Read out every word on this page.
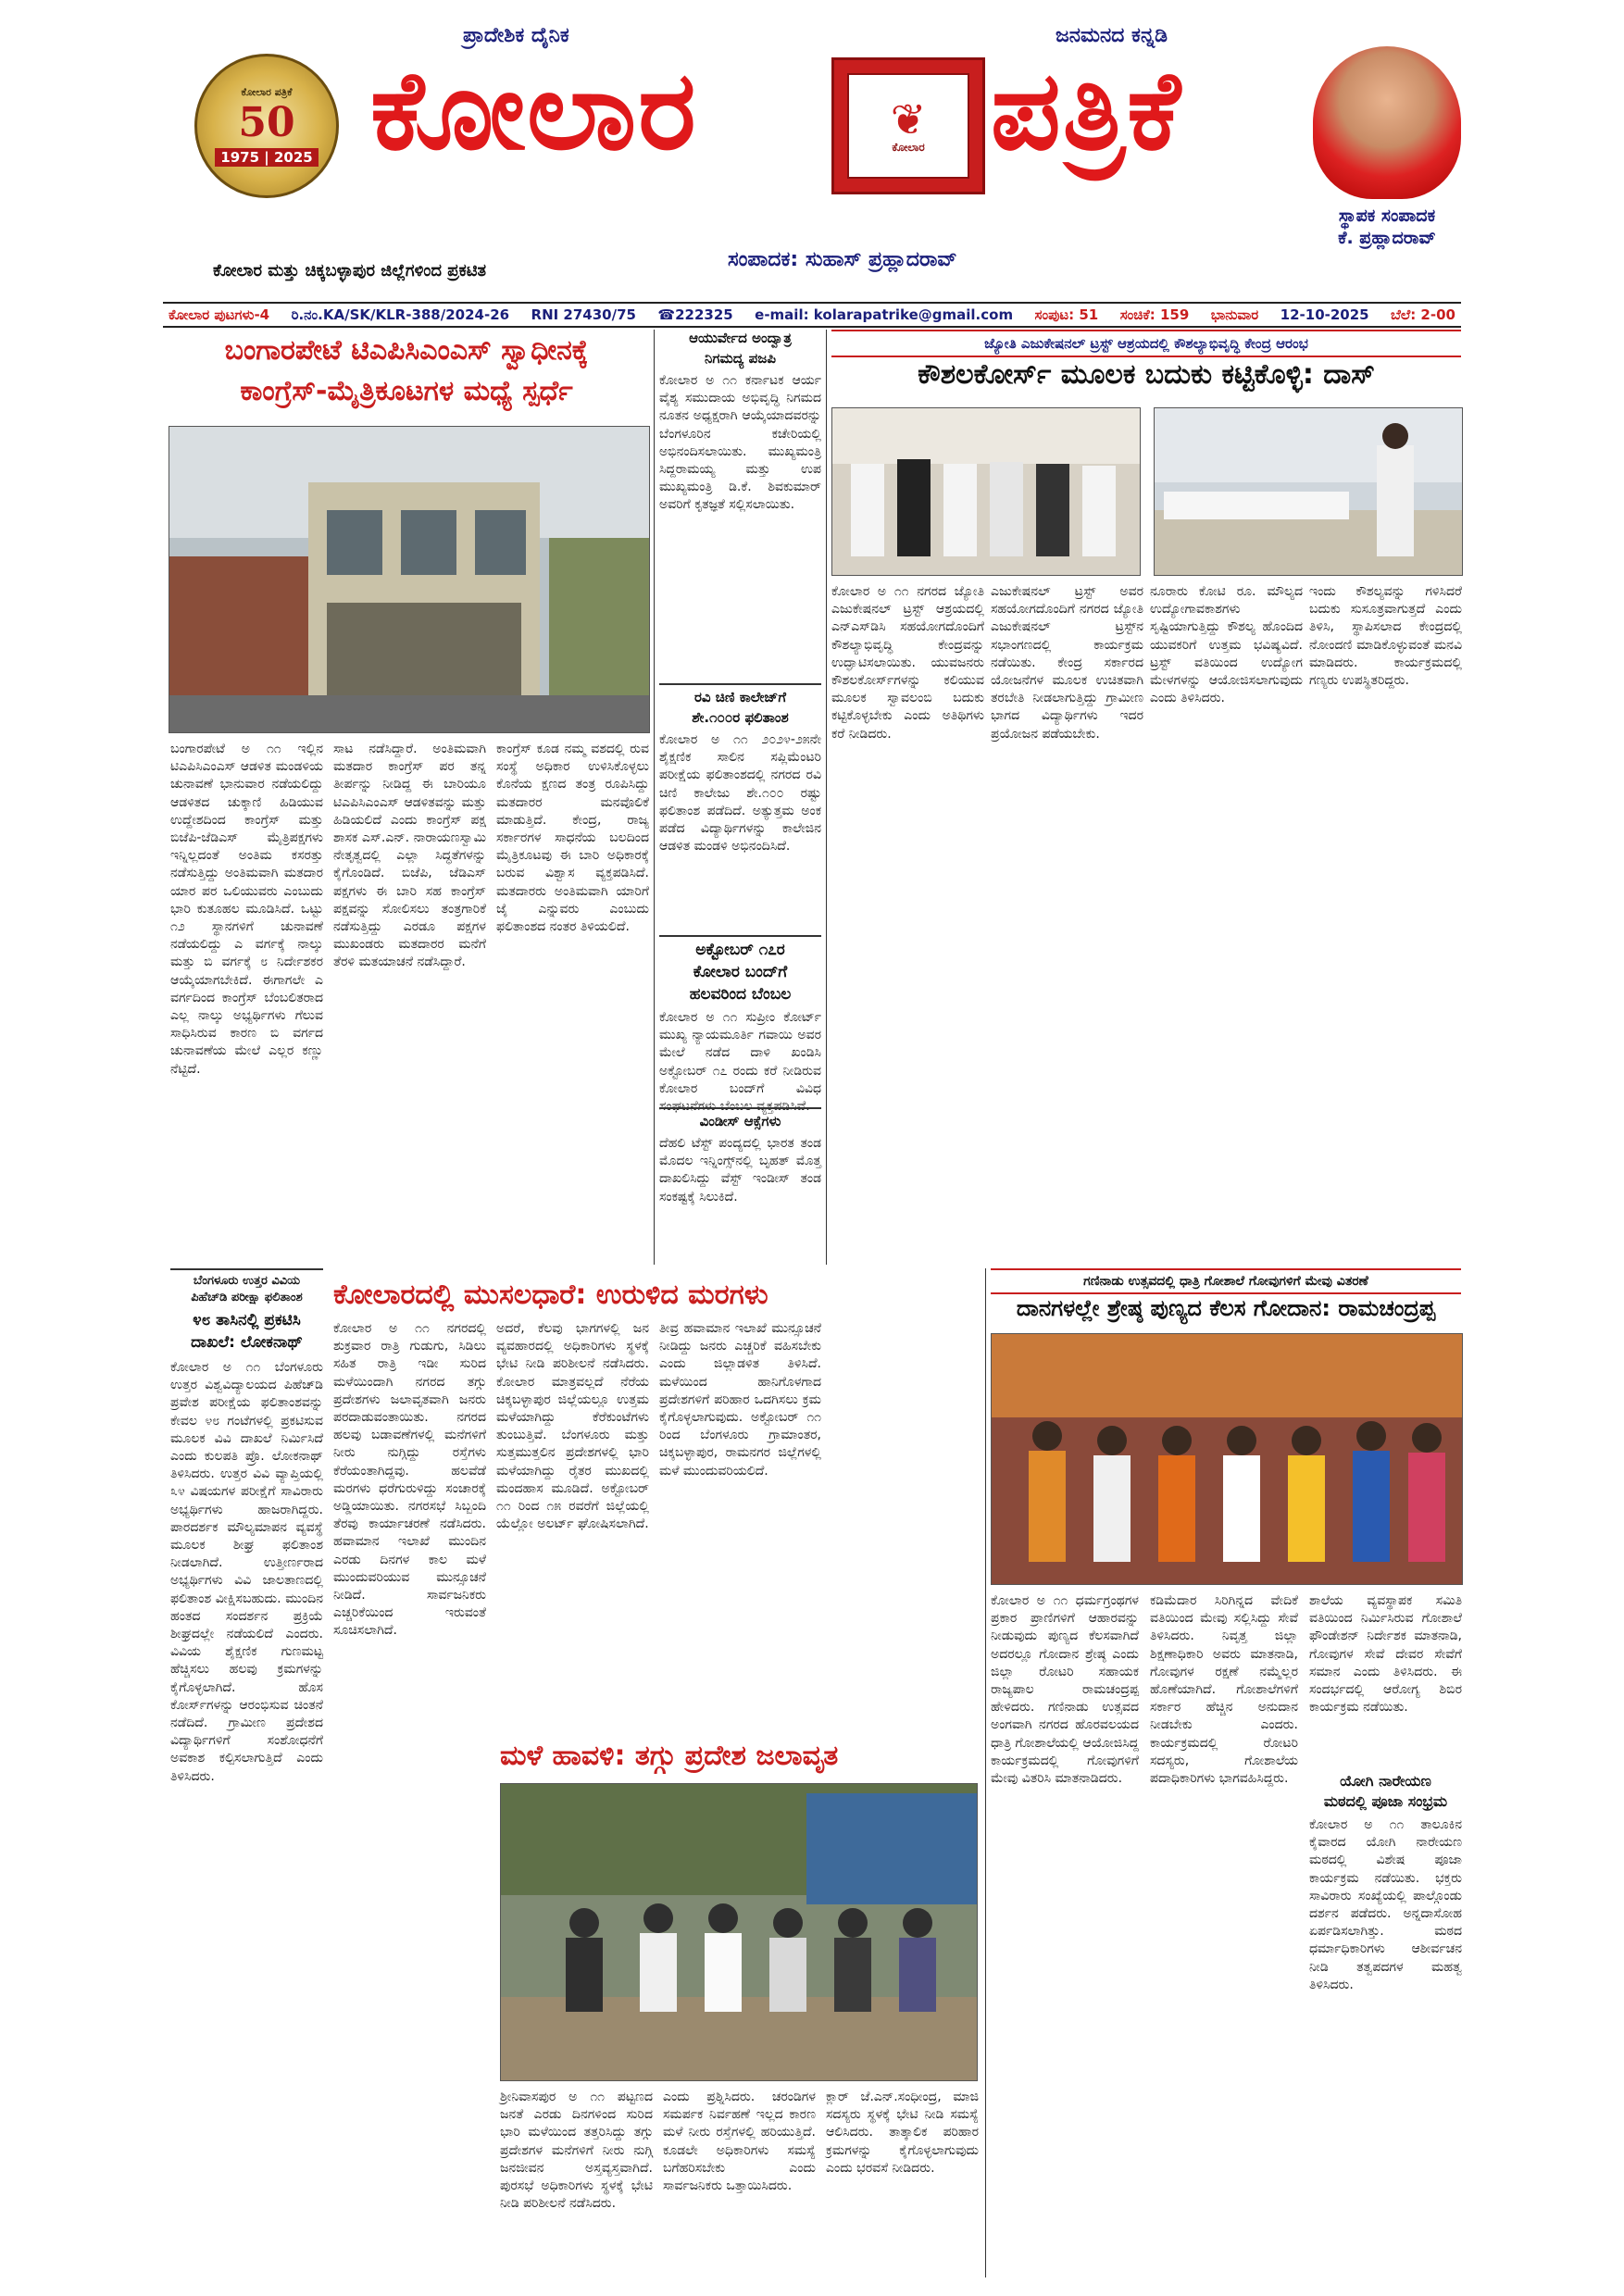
ಕೋಲಾರ ಪತ್ರಿಕೆ
50
1975 | 2025
ಪ್ರಾದೇಶಿಕ ದೈನಿಕ	ಜನಮನದ ಕನ್ನಡಿ
ಕೋಲಾರ	❦
ಕೋಲಾರ ಪತ್ರಿಕೆ
ಸ್ಥಾಪಕ ಸಂಪಾದಕ
ಕೆ. ಪ್ರಹ್ಲಾದರಾವ್
ಕೋಲಾರ ಮತ್ತು ಚಿಕ್ಕಬಳ್ಳಾಪುರ ಜಿಲ್ಲೆಗಳಿಂದ ಪ್ರಕಟಿತ	ಸಂಪಾದಕ: ಸುಹಾಸ್ ಪ್ರಹ್ಲಾದರಾವ್
ಕೋಲಾರ ಪುಟಗಳು-4 ರಿ.ನಂ.KA/SK/KLR-388/2024-26 RNI 27430/75 ☎222325 e-mail: kolarapatrike@gmail.com ಸಂಪುಟ: 51 ಸಂಚಿಕೆ: 159 ಭಾನುವಾರ 12-10-2025 ಬೆಲೆ: 2-00
ಬಂಗಾರಪೇಟೆ ಟಿಎಪಿಸಿಎಂಎಸ್ ಸ್ವಾಧೀನಕ್ಕೆ
ಕಾಂಗ್ರೆಸ್-ಮೈತ್ರಿಕೂಟಗಳ ಮಧ್ಯೆ ಸ್ಪರ್ಧೆ
ಬಂಗಾರಪೇಟೆ ಅ ೧೧ ಇಲ್ಲಿನ ಟಿಎಪಿಸಿಎಂಎಸ್ ಆಡಳಿತ ಮಂಡಳಿಯ ಚುನಾವಣೆ ಭಾನುವಾರ ನಡೆಯಲಿದ್ದು ಆಡಳಿತದ ಚುಕ್ಕಾಣಿ ಹಿಡಿಯುವ ಉದ್ದೇಶದಿಂದ ಕಾಂಗ್ರೆಸ್ ಮತ್ತು ಬಿಜೆಪಿ-ಜೆಡಿಎಸ್ ಮೈತ್ರಿಪಕ್ಷಗಳು ಇನ್ನಿಲ್ಲದಂತೆ ಅಂತಿಮ ಕಸರತ್ತು ನಡೆಸುತ್ತಿದ್ದು ಅಂತಿಮವಾಗಿ ಮತದಾರ ಯಾರ ಪರ ಒಲಿಯುವರು ಎಂಬುದು ಭಾರಿ ಕುತೂಹಲ ಮೂಡಿಸಿದೆ. ಒಟ್ಟು ೧೨ ಸ್ಥಾನಗಳಿಗೆ ಚುನಾವಣೆ ನಡೆಯಲಿದ್ದು ಎ ವರ್ಗಕ್ಕೆ ನಾಲ್ಕು ಮತ್ತು ಬಿ ವರ್ಗಕ್ಕೆ ೮ ನಿರ್ದೇಶಕರ ಆಯ್ಕೆಯಾಗಬೇಕಿದೆ. ಈಗಾಗಲೇ ಎ ವರ್ಗದಿಂದ ಕಾಂಗ್ರೆಸ್ ಬೆಂಬಲಿತರಾದ ಎಲ್ಲ ನಾಲ್ಕು ಅಭ್ಯರ್ಥಿಗಳು ಗೆಲುವ ಸಾಧಿಸಿರುವ ಕಾರಣ ಬಿ ವರ್ಗದ ಚುನಾವಣೆಯ ಮೇಲೆ ಎಲ್ಲರ ಕಣ್ಣು ನೆಟ್ಟಿದೆ.
ಸಾಟ ನಡೆಸಿದ್ದಾರೆ. ಅಂತಿಮವಾಗಿ ಮತದಾರ ಕಾಂಗ್ರೆಸ್ ಪರ ತನ್ನ ತೀರ್ಪನ್ನು ನೀಡಿದ್ದ ಈ ಬಾರಿಯೂ ಟಿಎಪಿಸಿಎಂಎಸ್ ಆಡಳಿತವನ್ನು ಮತ್ತು ಹಿಡಿಯಲಿದೆ ಎಂದು ಕಾಂಗ್ರೆಸ್ ಪಕ್ಷ ಶಾಸಕ ಎಸ್.ಎನ್. ನಾರಾಯಣಸ್ವಾಮಿ ನೇತೃತ್ವದಲ್ಲಿ ಎಲ್ಲಾ ಸಿದ್ಧತೆಗಳನ್ನು ಕೈಗೊಂಡಿದೆ. ಬಿಜೆಪಿ, ಜೆಡಿಎಸ್ ಪಕ್ಷಗಳು ಈ ಬಾರಿ ಸಹ ಕಾಂಗ್ರೆಸ್ ಪಕ್ಷವನ್ನು ಸೋಲಿಸಲು ತಂತ್ರಗಾರಿಕೆ ನಡೆಸುತ್ತಿದ್ದು ಎರಡೂ ಪಕ್ಷಗಳ ಮುಖಂಡರು ಮತದಾರರ ಮನೆಗೆ ತೆರಳಿ ಮತಯಾಚನೆ ನಡೆಸಿದ್ದಾರೆ.
ಕಾಂಗ್ರೆಸ್ ಕೂಡ ನಮ್ಮ ವಶದಲ್ಲಿ ರುವ ಸಂಸ್ಥೆ ಅಧಿಕಾರ ಉಳಿಸಿಕೊಳ್ಳಲು ಕೊನೆಯ ಕ್ಷಣದ ತಂತ್ರ ರೂಪಿಸಿದ್ದು ಮತದಾರರ ಮನವೊಲಿಕೆ ಮಾಡುತ್ತಿದೆ. ಕೇಂದ್ರ, ರಾಜ್ಯ ಸರ್ಕಾರಗಳ ಸಾಧನೆಯ ಬಲದಿಂದ ಮೈತ್ರಿಕೂಟವು ಈ ಬಾರಿ ಅಧಿಕಾರಕ್ಕೆ ಬರುವ ವಿಶ್ವಾಸ ವ್ಯಕ್ತಪಡಿಸಿದೆ. ಮತದಾರರು ಅಂತಿಮವಾಗಿ ಯಾರಿಗೆ ಜೈ ಎನ್ನುವರು ಎಂಬುದು ಫಲಿತಾಂಶದ ನಂತರ ತಿಳಿಯಲಿದೆ.
ಬೆಂಗಳೂರು ಉತ್ತರ ವಿವಿಯ
ಪಿಹೆಚ್‌ಡಿ ಪರೀಕ್ಷಾ ಫಲಿತಾಂಶ
೪೮ ತಾಸಿನಲ್ಲಿ ಪ್ರಕಟಿಸಿ
ದಾಖಲೆ: ಲೋಕನಾಥ್
ಕೋಲಾರ ಅ ೧೧ ಬೆಂಗಳೂರು ಉತ್ತರ ವಿಶ್ವವಿದ್ಯಾಲಯದ ಪಿಹೆಚ್‌ಡಿ ಪ್ರವೇಶ ಪರೀಕ್ಷೆಯ ಫಲಿತಾಂಶವನ್ನು ಕೇವಲ ೪೮ ಗಂಟೆಗಳಲ್ಲಿ ಪ್ರಕಟಿಸುವ ಮೂಲಕ ವಿವಿ ದಾಖಲೆ ನಿರ್ಮಿಸಿದೆ ಎಂದು ಕುಲಪತಿ ಪ್ರೊ. ಲೋಕನಾಥ್ ತಿಳಿಸಿದರು. ಉತ್ತರ ವಿವಿ ವ್ಯಾಪ್ತಿಯಲ್ಲಿ ೩೪ ವಿಷಯಗಳ ಪರೀಕ್ಷೆಗೆ ಸಾವಿರಾರು ಅಭ್ಯರ್ಥಿಗಳು ಹಾಜರಾಗಿದ್ದರು. ಪಾರದರ್ಶಕ ಮೌಲ್ಯಮಾಪನ ವ್ಯವಸ್ಥೆ ಮೂಲಕ ಶೀಘ್ರ ಫಲಿತಾಂಶ ನೀಡಲಾಗಿದೆ. ಉತ್ತೀರ್ಣರಾದ ಅಭ್ಯರ್ಥಿಗಳು ವಿವಿ ಜಾಲತಾಣದಲ್ಲಿ ಫಲಿತಾಂಶ ವೀಕ್ಷಿಸಬಹುದು. ಮುಂದಿನ ಹಂತದ ಸಂದರ್ಶನ ಪ್ರಕ್ರಿಯೆ ಶೀಘ್ರದಲ್ಲೇ ನಡೆಯಲಿದೆ ಎಂದರು. ವಿವಿಯ ಶೈಕ್ಷಣಿಕ ಗುಣಮಟ್ಟ ಹೆಚ್ಚಿಸಲು ಹಲವು ಕ್ರಮಗಳನ್ನು ಕೈಗೊಳ್ಳಲಾಗಿದೆ. ಹೊಸ ಕೋರ್ಸ್‌ಗಳನ್ನು ಆರಂಭಿಸುವ ಚಿಂತನೆ ನಡೆದಿದೆ. ಗ್ರಾಮೀಣ ಪ್ರದೇಶದ ವಿದ್ಯಾರ್ಥಿಗಳಿಗೆ ಸಂಶೋಧನೆಗೆ ಅವಕಾಶ ಕಲ್ಪಿಸಲಾಗುತ್ತಿದೆ ಎಂದು ತಿಳಿಸಿದರು.
ಆಯುರ್ವೇದ ಅಂದ್ವಾತ್ರ
ನಿಗಮದ್ಯ ಪಜಪಿ
ಕೋಲಾರ ಅ ೧೧ ಕರ್ನಾಟಕ ಆರ್ಯ ವೈಶ್ಯ ಸಮುದಾಯ ಅಭಿವೃದ್ಧಿ ನಿಗಮದ ನೂತನ ಅಧ್ಯಕ್ಷರಾಗಿ ಆಯ್ಕೆಯಾದವರನ್ನು ಬೆಂಗಳೂರಿನ ಕಚೇರಿಯಲ್ಲಿ ಅಭಿನಂದಿಸಲಾಯಿತು. ಮುಖ್ಯಮಂತ್ರಿ ಸಿದ್ದರಾಮಯ್ಯ ಮತ್ತು ಉಪ ಮುಖ್ಯಮಂತ್ರಿ ಡಿ.ಕೆ. ಶಿವಕುಮಾರ್ ಅವರಿಗೆ ಕೃತಜ್ಞತೆ ಸಲ್ಲಿಸಲಾಯಿತು.
ರವಿ ಚಿಣಿ ಕಾಲೇಜ್‌ಗೆ
ಶೇ.೧೦೦ರ ಫಲಿತಾಂಶ
ಕೋಲಾರ ಅ ೧೧ ೨೦೨೪-೨೫ನೇ ಶೈಕ್ಷಣಿಕ ಸಾಲಿನ ಸಪ್ಲಿಮೆಂಟರಿ ಪರೀಕ್ಷೆಯ ಫಲಿತಾಂಶದಲ್ಲಿ ನಗರದ ರವಿ ಚಿಣಿ ಕಾಲೇಜು ಶೇ.೧೦೦ ರಷ್ಟು ಫಲಿತಾಂಶ ಪಡೆದಿದೆ. ಅತ್ಯುತ್ತಮ ಅಂಕ ಪಡೆದ ವಿದ್ಯಾರ್ಥಿಗಳನ್ನು ಕಾಲೇಜಿನ ಆಡಳಿತ ಮಂಡಳಿ ಅಭಿನಂದಿಸಿದೆ.
ಅಕ್ಟೋಬರ್ ೧೭ರ
ಕೋಲಾರ ಬಂದ್‌ಗೆ
ಹಲವರಿಂದ ಬೆಂಬಲ
ಕೋಲಾರ ಅ ೧೧ ಸುಪ್ರೀಂ ಕೋರ್ಟ್ ಮುಖ್ಯ ನ್ಯಾಯಮೂರ್ತಿ ಗವಾಯಿ ಅವರ ಮೇಲೆ ನಡೆದ ದಾಳಿ ಖಂಡಿಸಿ ಅಕ್ಟೋಬರ್ ೧೭ ರಂದು ಕರೆ ನೀಡಿರುವ ಕೋಲಾರ ಬಂದ್‌ಗೆ ವಿವಿಧ
ವಿಂಡೀಸ್ ಆಕ್ಸೆಗಳು
ದೆಹಲಿ ಟೆಸ್ಟ್ ಪಂದ್ಯದಲ್ಲಿ ಭಾರತ ತಂಡ ಮೊದಲ ಇನ್ನಿಂಗ್ಸ್‌ನಲ್ಲಿ ಬೃಹತ್ ಮೊತ್ತ ದಾಖಲಿಸಿದ್ದು ವೆಸ್ಟ್ ಇಂಡೀಸ್ ತಂಡ ಸಂಕಷ್ಟಕ್ಕೆ ಸಿಲುಕಿದೆ.
ಕೋಲಾರದಲ್ಲಿ ಮುಸಲಧಾರೆ: ಉರುಳಿದ ಮರಗಳು
ಕೋಲಾರ ಅ ೧೧ ನಗರದಲ್ಲಿ ಶುಕ್ರವಾರ ರಾತ್ರಿ ಗುಡುಗು, ಸಿಡಿಲು ಸಹಿತ ರಾತ್ರಿ ಇಡೀ ಸುರಿದ ಮಳೆಯಿಂದಾಗಿ ನಗರದ ತಗ್ಗು ಪ್ರದೇಶಗಳು ಜಲಾವೃತವಾಗಿ ಜನರು ಪರದಾಡುವಂತಾಯಿತು. ನಗರದ ಹಲವು ಬಡಾವಣೆಗಳಲ್ಲಿ ಮನೆಗಳಿಗೆ ನೀರು ನುಗ್ಗಿದ್ದು ರಸ್ತೆಗಳು ಕೆರೆಯಂತಾಗಿದ್ದವು. ಹಲವೆಡೆ ಮರಗಳು ಧರೆಗುರುಳಿದ್ದು ಸಂಚಾರಕ್ಕೆ ಅಡ್ಡಿಯಾಯಿತು. ನಗರಸಭೆ ಸಿಬ್ಬಂದಿ ತೆರವು ಕಾರ್ಯಾಚರಣೆ ನಡೆಸಿದರು. ಹವಾಮಾನ ಇಲಾಖೆ ಮುಂದಿನ ಎರಡು ದಿನಗಳ ಕಾಲ ಮಳೆ ಮುಂದುವರಿಯುವ ಮುನ್ಸೂಚನೆ ನೀಡಿದೆ. ಸಾರ್ವಜನಿಕರು ಎಚ್ಚರಿಕೆಯಿಂದ ಇರುವಂತೆ ಸೂಚಿಸಲಾಗಿದೆ.
ಅದರೆ, ಕೆಲವು ಭಾಗಗಳಲ್ಲಿ ಜನ ವ್ಯವಹಾರದಲ್ಲಿ ಅಧಿಕಾರಿಗಳು ಸ್ಥಳಕ್ಕೆ ಭೇಟಿ ನೀಡಿ ಪರಿಶೀಲನೆ ನಡೆಸಿದರು. ಕೋಲಾರ ಮಾತ್ರವಲ್ಲದೆ ನೆರೆಯ ಚಿಕ್ಕಬಳ್ಳಾಪುರ ಜಿಲ್ಲೆಯಲ್ಲೂ ಉತ್ತಮ ಮಳೆಯಾಗಿದ್ದು ಕೆರೆಕುಂಟೆಗಳು ತುಂಬುತ್ತಿವೆ. ಬೆಂಗಳೂರು ಮತ್ತು ಸುತ್ತಮುತ್ತಲಿನ ಪ್ರದೇಶಗಳಲ್ಲಿ ಭಾರಿ ಮಳೆಯಾಗಿದ್ದು ರೈತರ ಮುಖದಲ್ಲಿ ಮಂದಹಾಸ ಮೂಡಿದೆ. ಅಕ್ಟೋಬರ್ ೧೧ ರಿಂದ ೧೫ ರವರೆಗೆ ಜಿಲ್ಲೆಯಲ್ಲಿ ಯೆಲ್ಲೋ ಅಲರ್ಟ್ ಘೋಷಿಸಲಾಗಿದೆ.
ತೀವ್ರ ಹವಾಮಾನ ಇಲಾಖೆ ಮುನ್ಸೂಚನೆ ನೀಡಿದ್ದು ಜನರು ಎಚ್ಚರಿಕೆ ವಹಿಸಬೇಕು ಎಂದು ಜಿಲ್ಲಾಡಳಿತ ತಿಳಿಸಿದೆ. ಮಳೆಯಿಂದ ಹಾನಿಗೊಳಗಾದ ಪ್ರದೇಶಗಳಿಗೆ ಪರಿಹಾರ ಒದಗಿಸಲು ಕ್ರಮ ಕೈಗೊಳ್ಳಲಾಗುವುದು. ಅಕ್ಟೋಬರ್ ೧೧ ರಿಂದ ಬೆಂಗಳೂರು ಗ್ರಾಮಾಂತರ, ಚಿಕ್ಕಬಳ್ಳಾಪುರ, ರಾಮನಗರ ಜಿಲ್ಲೆಗಳಲ್ಲಿ ಮಳೆ ಮುಂದುವರಿಯಲಿದೆ.
ಮಳೆ ಹಾವಳಿ: ತಗ್ಗು ಪ್ರದೇಶ ಜಲಾವೃತ
ಶ್ರೀನಿವಾಸಪುರ ಅ ೧೧ ಪಟ್ಟಣದ ಜನತೆ ಎರಡು ದಿನಗಳಿಂದ ಸುರಿದ ಭಾರಿ ಮಳೆಯಿಂದ ತತ್ತರಿಸಿದ್ದು ತಗ್ಗು ಪ್ರದೇಶಗಳ ಮನೆಗಳಿಗೆ ನೀರು ನುಗ್ಗಿ ಜನಜೀವನ ಅಸ್ತವ್ಯಸ್ತವಾಗಿದೆ. ಪುರಸಭೆ ಅಧಿಕಾರಿಗಳು ಸ್ಥಳಕ್ಕೆ ಭೇಟಿ ನೀಡಿ ಪರಿಶೀಲನೆ ನಡೆಸಿದರು.
ಎಂದು ಪ್ರಶ್ನಿಸಿದರು. ಚರಂಡಿಗಳ ಸಮರ್ಪಕ ನಿರ್ವಹಣೆ ಇಲ್ಲದ ಕಾರಣ ಮಳೆ ನೀರು ರಸ್ತೆಗಳಲ್ಲಿ ಹರಿಯುತ್ತಿದೆ. ಕೂಡಲೇ ಅಧಿಕಾರಿಗಳು ಸಮಸ್ಯೆ ಬಗೆಹರಿಸಬೇಕು ಎಂದು ಸಾರ್ವಜನಿಕರು ಒತ್ತಾಯಿಸಿದರು.
ಕ್ಲಾರ್ ಜೆ.ಎನ್.ಸಂಧೀಂದ್ರ, ಮಾಜಿ ಸದಸ್ಯರು ಸ್ಥಳಕ್ಕೆ ಭೇಟಿ ನೀಡಿ ಸಮಸ್ಯೆ ಆಲಿಸಿದರು. ತಾತ್ಕಾಲಿಕ ಪರಿಹಾರ ಕ್ರಮಗಳನ್ನು ಕೈಗೊಳ್ಳಲಾಗುವುದು ಎಂದು ಭರವಸೆ ನೀಡಿದರು.
ಜ್ಯೋತಿ ಎಜುಕೇಷನಲ್ ಟ್ರಸ್ಟ್ ಆಶ್ರಯದಲ್ಲಿ ಕೌಶಲ್ಯಾಭಿವೃದ್ಧಿ ಕೇಂದ್ರ ಆರಂಭ
ಕೌಶಲಕೋರ್ಸ್ ಮೂಲಕ ಬದುಕು ಕಟ್ಟಿಕೊಳ್ಳಿ: ದಾಸ್
ಕೋಲಾರ ಅ ೧೧ ನಗರದ ಜ್ಯೋತಿ ಎಜುಕೇಷನಲ್ ಟ್ರಸ್ಟ್ ಆಶ್ರಯದಲ್ಲಿ ಎನ್‌ಎಸ್‌ಡಿಸಿ ಸಹಯೋಗದೊಂದಿಗೆ ಕೌಶಲ್ಯಾಭಿವೃದ್ಧಿ ಕೇಂದ್ರವನ್ನು ಉದ್ಘಾಟಿಸಲಾಯಿತು. ಯುವಜನರು ಕೌಶಲಕೋರ್ಸ್‌ಗಳನ್ನು ಕಲಿಯುವ ಮೂಲಕ ಸ್ವಾವಲಂಬಿ ಬದುಕು ಕಟ್ಟಿಕೊಳ್ಳಬೇಕು ಎಂದು ಅತಿಥಿಗಳು ಕರೆ ನೀಡಿದರು.
ಎಜುಕೇಷನಲ್ ಟ್ರಸ್ಟ್ ಅವರ ಸಹಯೋಗದೊಂದಿಗೆ ನಗರದ ಜ್ಯೋತಿ ಎಜುಕೇಷನಲ್ ಟ್ರಸ್ಟ್‌ನ ಸಭಾಂಗಣದಲ್ಲಿ ಕಾರ್ಯಕ್ರಮ ನಡೆಯಿತು. ಕೇಂದ್ರ ಸರ್ಕಾರದ ಯೋಜನೆಗಳ ಮೂಲಕ ಉಚಿತವಾಗಿ ತರಬೇತಿ ನೀಡಲಾಗುತ್ತಿದ್ದು ಗ್ರಾಮೀಣ ಭಾಗದ ವಿದ್ಯಾರ್ಥಿಗಳು ಇದರ ಪ್ರಯೋಜನ ಪಡೆಯಬೇಕು.
ನೂರಾರು ಕೋಟಿ ರೂ. ಮೌಲ್ಯದ ಉದ್ಯೋಗಾವಕಾಶಗಳು ಸೃಷ್ಟಿಯಾಗುತ್ತಿದ್ದು ಕೌಶಲ್ಯ ಹೊಂದಿದ ಯುವಕರಿಗೆ ಉತ್ತಮ ಭವಿಷ್ಯವಿದೆ. ಟ್ರಸ್ಟ್ ವತಿಯಿಂದ ಉದ್ಯೋಗ ಮೇಳಗಳನ್ನು ಆಯೋಜಿಸಲಾಗುವುದು ಎಂದು ತಿಳಿಸಿದರು.
ಇಂದು ಕೌಶಲ್ಯವನ್ನು ಗಳಿಸಿದರೆ ಬದುಕು ಸುಸೂತ್ರವಾಗುತ್ತದೆ ಎಂದು ತಿಳಿಸಿ, ಸ್ಥಾಪಿಸಲಾದ ಕೇಂದ್ರದಲ್ಲಿ ನೋಂದಣಿ ಮಾಡಿಕೊಳ್ಳುವಂತೆ ಮನವಿ ಮಾಡಿದರು. ಕಾರ್ಯಕ್ರಮದಲ್ಲಿ ಗಣ್ಯರು ಉಪಸ್ಥಿತರಿದ್ದರು.
ಗಣಿನಾಡು ಉತ್ಸವದಲ್ಲಿ ಧಾತ್ರಿ ಗೋಶಾಲೆ ಗೋವುಗಳಿಗೆ ಮೇವು ವಿತರಣೆ
ದಾನಗಳಲ್ಲೇ ಶ್ರೇಷ್ಠ ಪುಣ್ಯದ ಕೆಲಸ ಗೋದಾನ: ರಾಮಚಂದ್ರಪ್ಪ
ಕೋಲಾರ ಅ ೧೧ ಧರ್ಮಗ್ರಂಥಗಳ ಪ್ರಕಾರ ಪ್ರಾಣಿಗಳಿಗೆ ಆಹಾರವನ್ನು ನೀಡುವುದು ಪುಣ್ಯದ ಕೆಲಸವಾಗಿದೆ ಅದರಲ್ಲೂ ಗೋದಾನ ಶ್ರೇಷ್ಠ ಎಂದು ಜಿಲ್ಲಾ ರೋಟರಿ ಸಹಾಯಕ ರಾಜ್ಯಪಾಲ ರಾಮಚಂದ್ರಪ್ಪ ಹೇಳಿದರು. ಗಣಿನಾಡು ಉತ್ಸವದ ಅಂಗವಾಗಿ ನಗರದ ಹೊರವಲಯದ ಧಾತ್ರಿ ಗೋಶಾಲೆಯಲ್ಲಿ ಆಯೋಜಿಸಿದ್ದ ಕಾರ್ಯಕ್ರಮದಲ್ಲಿ ಗೋವುಗಳಿಗೆ ಮೇವು ವಿತರಿಸಿ ಮಾತನಾಡಿದರು.
ಕಡಿಮೆದಾರ ಸಿರಿಗಿನ್ನದ ವೇದಿಕೆ ವತಿಯಿಂದ ಮೇವು ಸಲ್ಲಿಸಿದ್ದು ಸೇವೆ ತಿಳಿಸಿದರು. ನಿವೃತ್ತ ಜಿಲ್ಲಾ ಶಿಕ್ಷಣಾಧಿಕಾರಿ ಅವರು ಮಾತನಾಡಿ, ಗೋವುಗಳ ರಕ್ಷಣೆ ನಮ್ಮೆಲ್ಲರ ಹೊಣೆಯಾಗಿದೆ. ಗೋಶಾಲೆಗಳಿಗೆ ಸರ್ಕಾರ ಹೆಚ್ಚಿನ ಅನುದಾನ ನೀಡಬೇಕು ಎಂದರು. ಕಾರ್ಯಕ್ರಮದಲ್ಲಿ ರೋಟರಿ ಸದಸ್ಯರು, ಗೋಶಾಲೆಯ ಪದಾಧಿಕಾರಿಗಳು ಭಾಗವಹಿಸಿದ್ದರು.
ಶಾಲೆಯ ವ್ಯವಸ್ಥಾಪಕ ಸಮಿತಿ ವತಿಯಿಂದ ನಿರ್ಮಿಸಿರುವ ಗೋಶಾಲೆ ಫೌಂಡೇಶನ್ ನಿರ್ದೇಶಕ ಮಾತನಾಡಿ, ಗೋವುಗಳ ಸೇವೆ ದೇವರ ಸೇವೆಗೆ ಸಮಾನ ಎಂದು ತಿಳಿಸಿದರು. ಈ ಸಂದರ್ಭದಲ್ಲಿ ಆರೋಗ್ಯ ಶಿಬಿರ ಕಾರ್ಯಕ್ರಮ ನಡೆಯಿತು.
ಯೋಗಿ ನಾರೇಯಣ
ಮಠದಲ್ಲಿ ಪೂಜಾ ಸಂಭ್ರಮ
ಕೋಲಾರ ಅ ೧೧ ತಾಲೂಕಿನ ಕೈವಾರದ ಯೋಗಿ ನಾರೇಯಣ ಮಠದಲ್ಲಿ ವಿಶೇಷ ಪೂಜಾ ಕಾರ್ಯಕ್ರಮ ನಡೆಯಿತು. ಭಕ್ತರು ಸಾವಿರಾರು ಸಂಖ್ಯೆಯಲ್ಲಿ ಪಾಲ್ಗೊಂಡು ದರ್ಶನ ಪಡೆದರು. ಅನ್ನದಾಸೋಹ ಏರ್ಪಡಿಸಲಾಗಿತ್ತು. ಮಠದ ಧರ್ಮಾಧಿಕಾರಿಗಳು ಆಶೀರ್ವಚನ ನೀಡಿ ತತ್ವಪದಗಳ ಮಹತ್ವ ತಿಳಿಸಿದರು.
